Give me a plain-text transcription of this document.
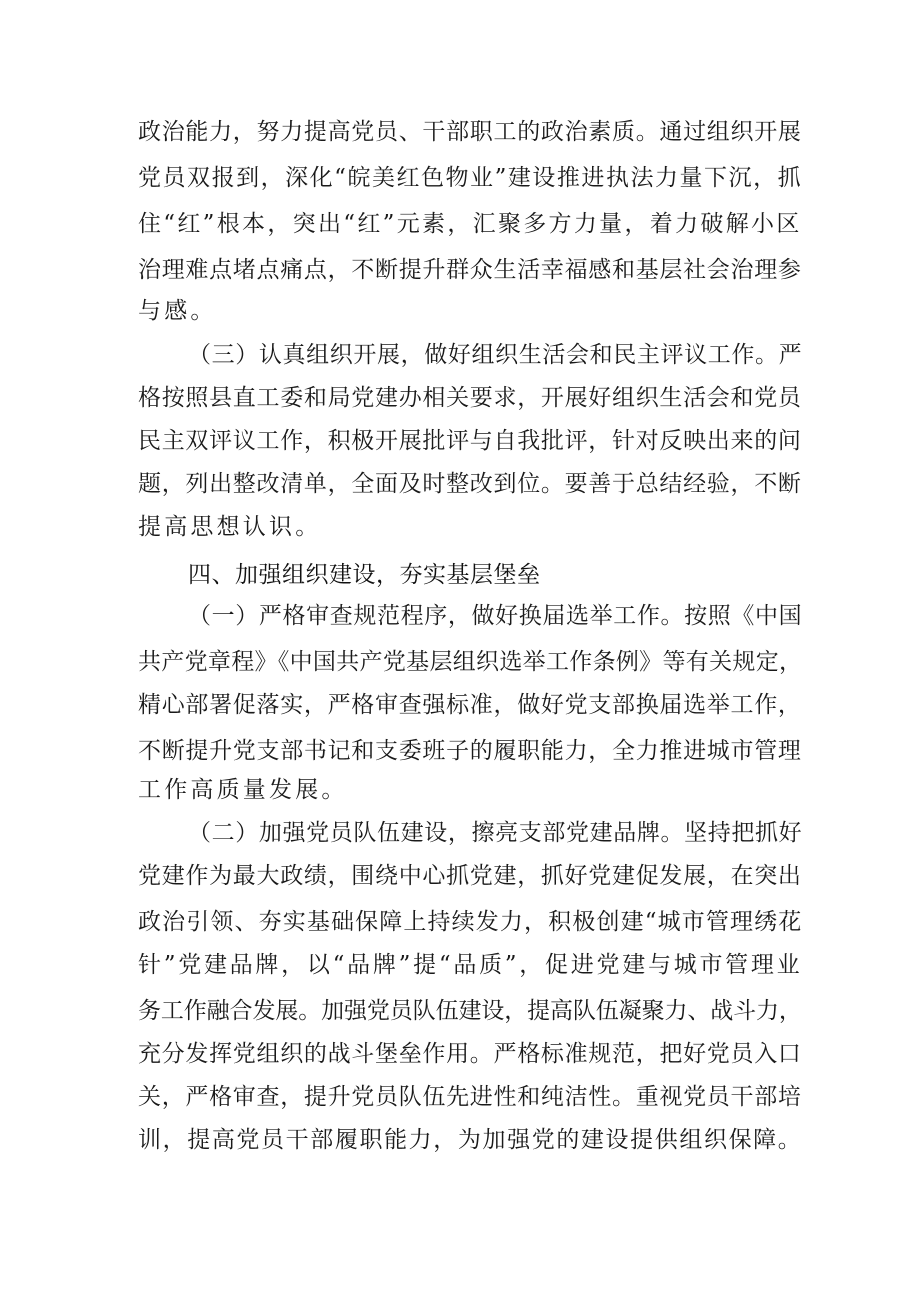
政治能力，努力提高党员、干部职工的政治素质。通过组织开展
党员双报到，深化“皖美红色物业”建设推进执法力量下沉，抓
住“红”根本，突出“红”元素，汇聚多方力量，着力破解小区
治理难点堵点痛点，不断提升群众生活幸福感和基层社会治理参
与感。
（三）认真组织开展，做好组织生活会和民主评议工作。严
格按照县直工委和局党建办相关要求，开展好组织生活会和党员
民主双评议工作，积极开展批评与自我批评，针对反映出来的问
题，列出整改清单，全面及时整改到位。要善于总结经验，不断
提高思想认识。
四、加强组织建设，夯实基层堡垒
（一）严格审查规范程序，做好换届选举工作。按照《中国
共产党章程》《中国共产党基层组织选举工作条例》等有关规定，
精心部署促落实，严格审查强标准，做好党支部换届选举工作，
不断提升党支部书记和支委班子的履职能力，全力推进城市管理
工作高质量发展。
（二）加强党员队伍建设，擦亮支部党建品牌。坚持把抓好
党建作为最大政绩，围绕中心抓党建，抓好党建促发展，在突出
政治引领、夯实基础保障上持续发力，积极创建“城市管理绣花
针”党建品牌，以“品牌”提“品质”，促进党建与城市管理业
务工作融合发展。加强党员队伍建设，提高队伍凝聚力、战斗力，
充分发挥党组织的战斗堡垒作用。严格标准规范，把好党员入口
关，严格审查，提升党员队伍先进性和纯洁性。重视党员干部培
训，提高党员干部履职能力，为加强党的建设提供组织保障。
